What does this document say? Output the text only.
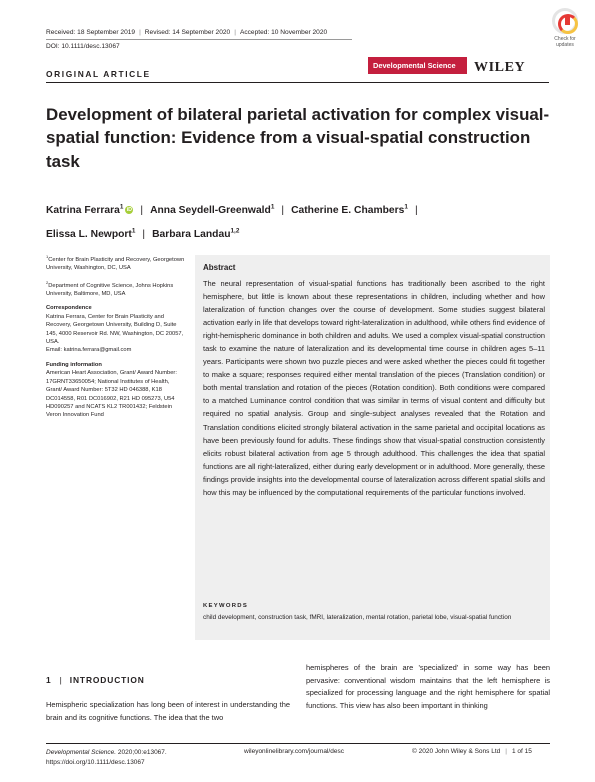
Received: 18 September 2019 | Revised: 14 September 2020 | Accepted: 10 November 2020
DOI: 10.1111/desc.13067
Check for updates
ORIGINAL ARTICLE
Developmental Science	WILEY
Development of bilateral parietal activation for complex visual-spatial function: Evidence from a visual-spatial construction task
Katrina Ferrara$^1$ iD | Anna Seydell-Greenwald$^1$ | Catherine E. Chambers$^1$ |
Elissa L. Newport$^1$ | Barbara Landau$^{1,2}$
$^1$Center for Brain Plasticity and Recovery, Georgetown University, Washington, DC, USA
$^2$Department of Cognitive Science, Johns Hopkins University, Baltimore, MD, USA
Correspondence
Katrina Ferrara, Center for Brain Plasticity and Recovery, Georgetown University, Building D, Suite 145, 4000 Reservoir Rd. NW, Washington, DC 20057, USA.
Email: katrina.ferrara@gmail.com
Funding information
American Heart Association, Grant/ Award Number: 17GRNT33650054; National Institutes of Health, Grant/ Award Number: 5T32 HD 046388, K18 DC014558, R01 DC016902, R21 HD 095273, U54 HD090257 and NCATS KL2 TR001432; Feldstein Veron Innovation Fund
Abstract
The neural representation of visual-spatial functions has traditionally been ascribed to the right hemisphere, but little is known about these representations in children, including whether and how lateralization of function changes over the course of development. Some studies suggest bilateral activation early in life that develops toward right-lateralization in adulthood, while others find evidence of right-hemispheric dominance in both children and adults. We used a complex visual-spatial construction task to examine the nature of lateralization and its developmental time course in children ages 5–11 years. Participants were shown two puzzle pieces and were asked whether the pieces could fit together to make a square; responses required either mental translation of the pieces (Translation condition) or both mental translation and rotation of the pieces (Rotation condition). Both conditions were compared to a matched Luminance control condition that was similar in terms of visual content and difficulty but required no spatial analysis. Group and single-subject analyses revealed that the Rotation and Translation conditions elicited strongly bilateral activation in the same parietal and occipital locations as have been previously found for adults. These findings show that visual-spatial construction consistently elicits robust bilateral activation from age 5 through adulthood. This challenges the idea that spatial functions are all right-lateralized, either during early development or in adulthood. More generally, these findings provide insights into the developmental course of lateralization across different spatial skills and how this may be influenced by the computational requirements of the particular functions involved.
KEYWORDS
child development, construction task, fMRI, lateralization, mental rotation, parietal lobe, visual-spatial function
1 | INTRODUCTION
Hemispheric specialization has long been of interest in understanding the brain and its cognitive functions. The idea that the two
hemispheres of the brain are 'specialized' in some way has been pervasive: conventional wisdom maintains that the left hemisphere is specialized for processing language and the right hemisphere for spatial functions. This view has also been important in thinking
Developmental Science. 2020;00:e13067.
https://doi.org/10.1111/desc.13067
wileyonlinelibrary.com/journal/desc	© 2020 John Wiley & Sons Ltd | 1 of 15
